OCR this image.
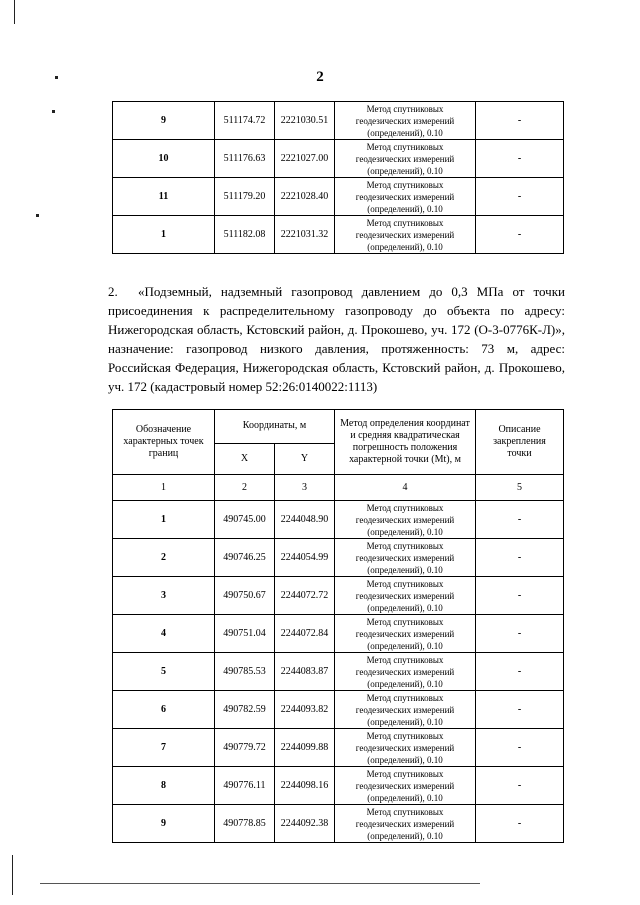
2
9	511174.72	2221030.51	Метод спутниковых
геодезических измерений
(определений), 0.10	-
10	511176.63	2221027.00	Метод спутниковых
геодезических измерений
(определений), 0.10	-
11	511179.20	2221028.40	Метод спутниковых
геодезических измерений
(определений), 0.10	-
1	511182.08	2221031.32	Метод спутниковых
геодезических измерений
(определений), 0.10	-
2. «Подземный, надземный газопровод давлением до 0,3 МПа от точки присоединения к распределительному газопроводу до объекта по адресу: Нижегородская область, Кстовский район, д. Прокошево, уч. 172 (О-3-0776К-Л)», назначение: газопровод низкого давления, протяженность: 73 м, адрес: Российская Федерация, Нижегородская область, Кстовский район, д. Прокошево, уч. 172 (кадастровый номер 52:26:0140022:1113)
Обозначение
характерных точек
границ	Координаты, м		Метод определения координат
и средняя квадратическая
погрешность положения
характерной точки (Mt), м	Описание
закрепления
точки
	X	Y		
1	2	3	4	5
1	490745.00	2244048.90	Метод спутниковых
геодезических измерений
(определений), 0.10	-
2	490746.25	2244054.99	Метод спутниковых
геодезических измерений
(определений), 0.10	-
3	490750.67	2244072.72	Метод спутниковых
геодезических измерений
(определений), 0.10	-
4	490751.04	2244072.84	Метод спутниковых
геодезических измерений
(определений), 0.10	-
5	490785.53	2244083.87	Метод спутниковых
геодезических измерений
(определений), 0.10	-
6	490782.59	2244093.82	Метод спутниковых
геодезических измерений
(определений), 0.10	-
7	490779.72	2244099.88	Метод спутниковых
геодезических измерений
(определений), 0.10	-
8	490776.11	2244098.16	Метод спутниковых
геодезических измерений
(определений), 0.10	-
9	490778.85	2244092.38	Метод спутниковых
геодезических измерений
(определений), 0.10	-
